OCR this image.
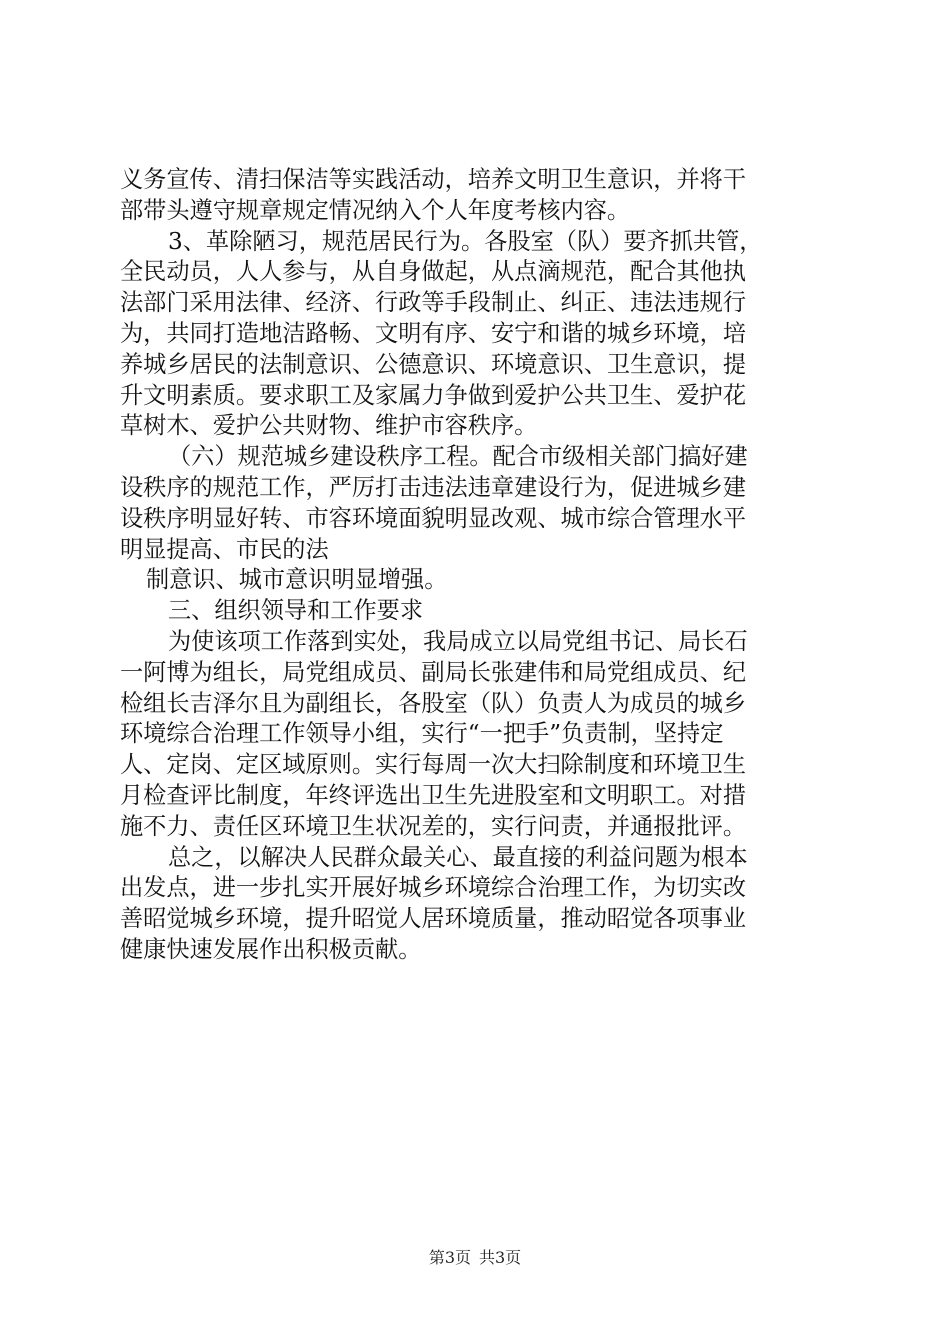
义务宣传、清扫保洁等实践活动，培养文明卫生意识，并将干
部带头遵守规章规定情况纳入个人年度考核内容。
3、革除陋习，规范居民行为。各股室（队）要齐抓共管，
全民动员，人人参与，从自身做起，从点滴规范，配合其他执
法部门采用法律、经济、行政等手段制止、纠正、违法违规行
为，共同打造地洁路畅、文明有序、安宁和谐的城乡环境，培
养城乡居民的法制意识、公德意识、环境意识、卫生意识，提
升文明素质。要求职工及家属力争做到爱护公共卫生、爱护花
草树木、爱护公共财物、维护市容秩序。
（六）规范城乡建设秩序工程。配合市级相关部门搞好建
设秩序的规范工作，严厉打击违法违章建设行为，促进城乡建
设秩序明显好转、市容环境面貌明显改观、城市综合管理水平
明显提高、市民的法
制意识、城市意识明显增强。
三、组织领导和工作要求
为使该项工作落到实处，我局成立以局党组书记、局长石
一阿博为组长，局党组成员、副局长张建伟和局党组成员、纪
检组长吉泽尔且为副组长，各股室（队）负责人为成员的城乡
环境综合治理工作领导小组，实行“一把手”负责制，坚持定
人、定岗、定区域原则。实行每周一次大扫除制度和环境卫生
月检查评比制度，年终评选出卫生先进股室和文明职工。对措
施不力、责任区环境卫生状况差的，实行问责，并通报批评。
总之，以解决人民群众最关心、最直接的利益问题为根本
出发点，进一步扎实开展好城乡环境综合治理工作，为切实改
善昭觉城乡环境，提升昭觉人居环境质量，推动昭觉各项事业
健康快速发展作出积极贡献。
第3页 共3页
